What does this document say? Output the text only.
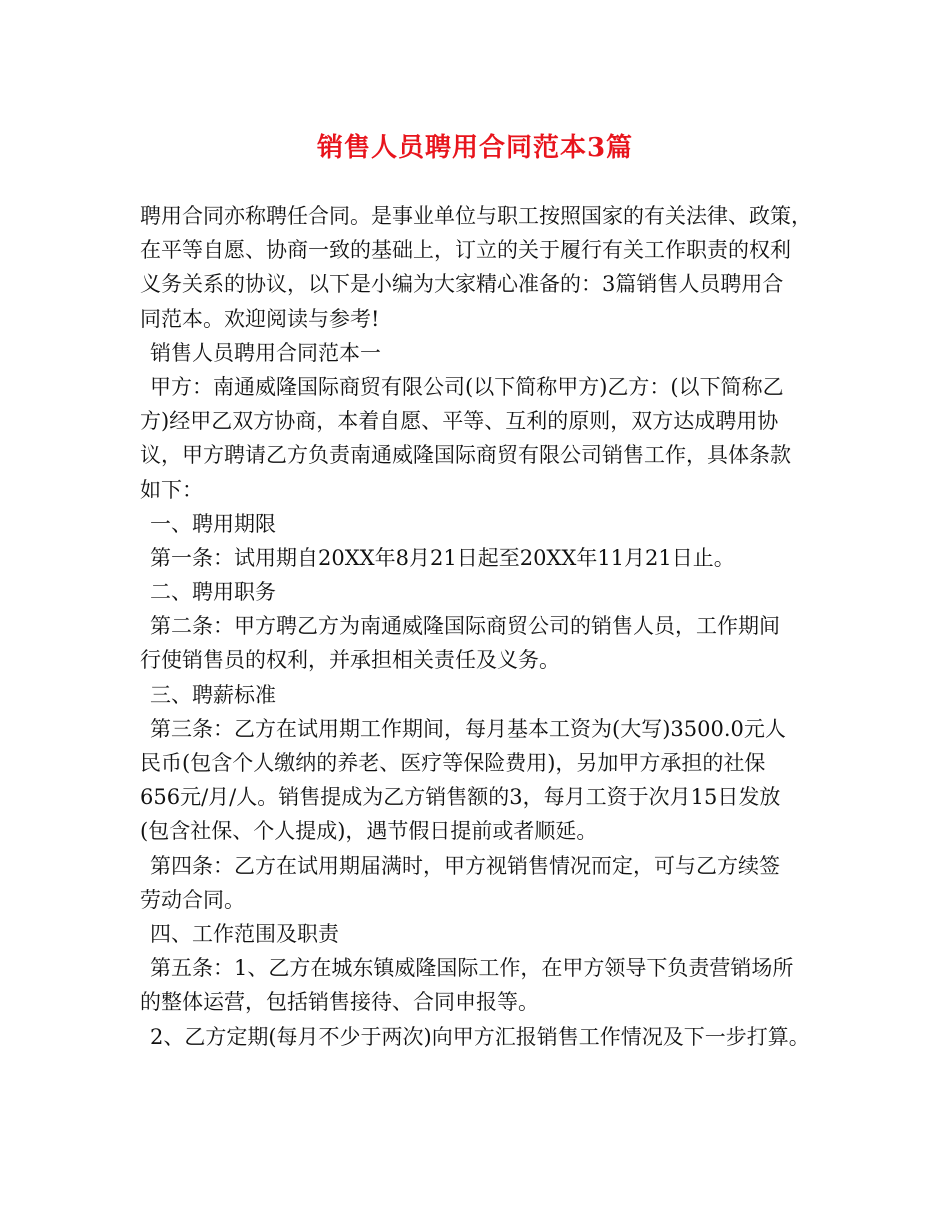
销售人员聘用合同范本3篇
聘用合同亦称聘任合同。是事业单位与职工按照国家的有关法律、政策，
在平等自愿、协商一致的基础上，订立的关于履行有关工作职责的权利
义务关系的协议，以下是小编为大家精心准备的：3篇销售人员聘用合
同范本。欢迎阅读与参考!
销售人员聘用合同范本一
甲方：南通威隆国际商贸有限公司(以下简称甲方)乙方：(以下简称乙
方)经甲乙双方协商，本着自愿、平等、互利的原则，双方达成聘用协
议，甲方聘请乙方负责南通威隆国际商贸有限公司销售工作，具体条款
如下：
一、聘用期限
第一条：试用期自20XX年8月21日起至20XX年11月21日止。
二、聘用职务
第二条：甲方聘乙方为南通威隆国际商贸公司的销售人员，工作期间
行使销售员的权利，并承担相关责任及义务。
三、聘薪标准
第三条：乙方在试用期工作期间，每月基本工资为(大写)3500.0元人
民币(包含个人缴纳的养老、医疗等保险费用)，另加甲方承担的社保
656元/月/人。销售提成为乙方销售额的3，每月工资于次月15日发放
(包含社保、个人提成)，遇节假日提前或者顺延。
第四条：乙方在试用期届满时，甲方视销售情况而定，可与乙方续签
劳动合同。
四、工作范围及职责
第五条：1、乙方在城东镇威隆国际工作，在甲方领导下负责营销场所
的整体运营，包括销售接待、合同申报等。
2、乙方定期(每月不少于两次)向甲方汇报销售工作情况及下一步打算。
